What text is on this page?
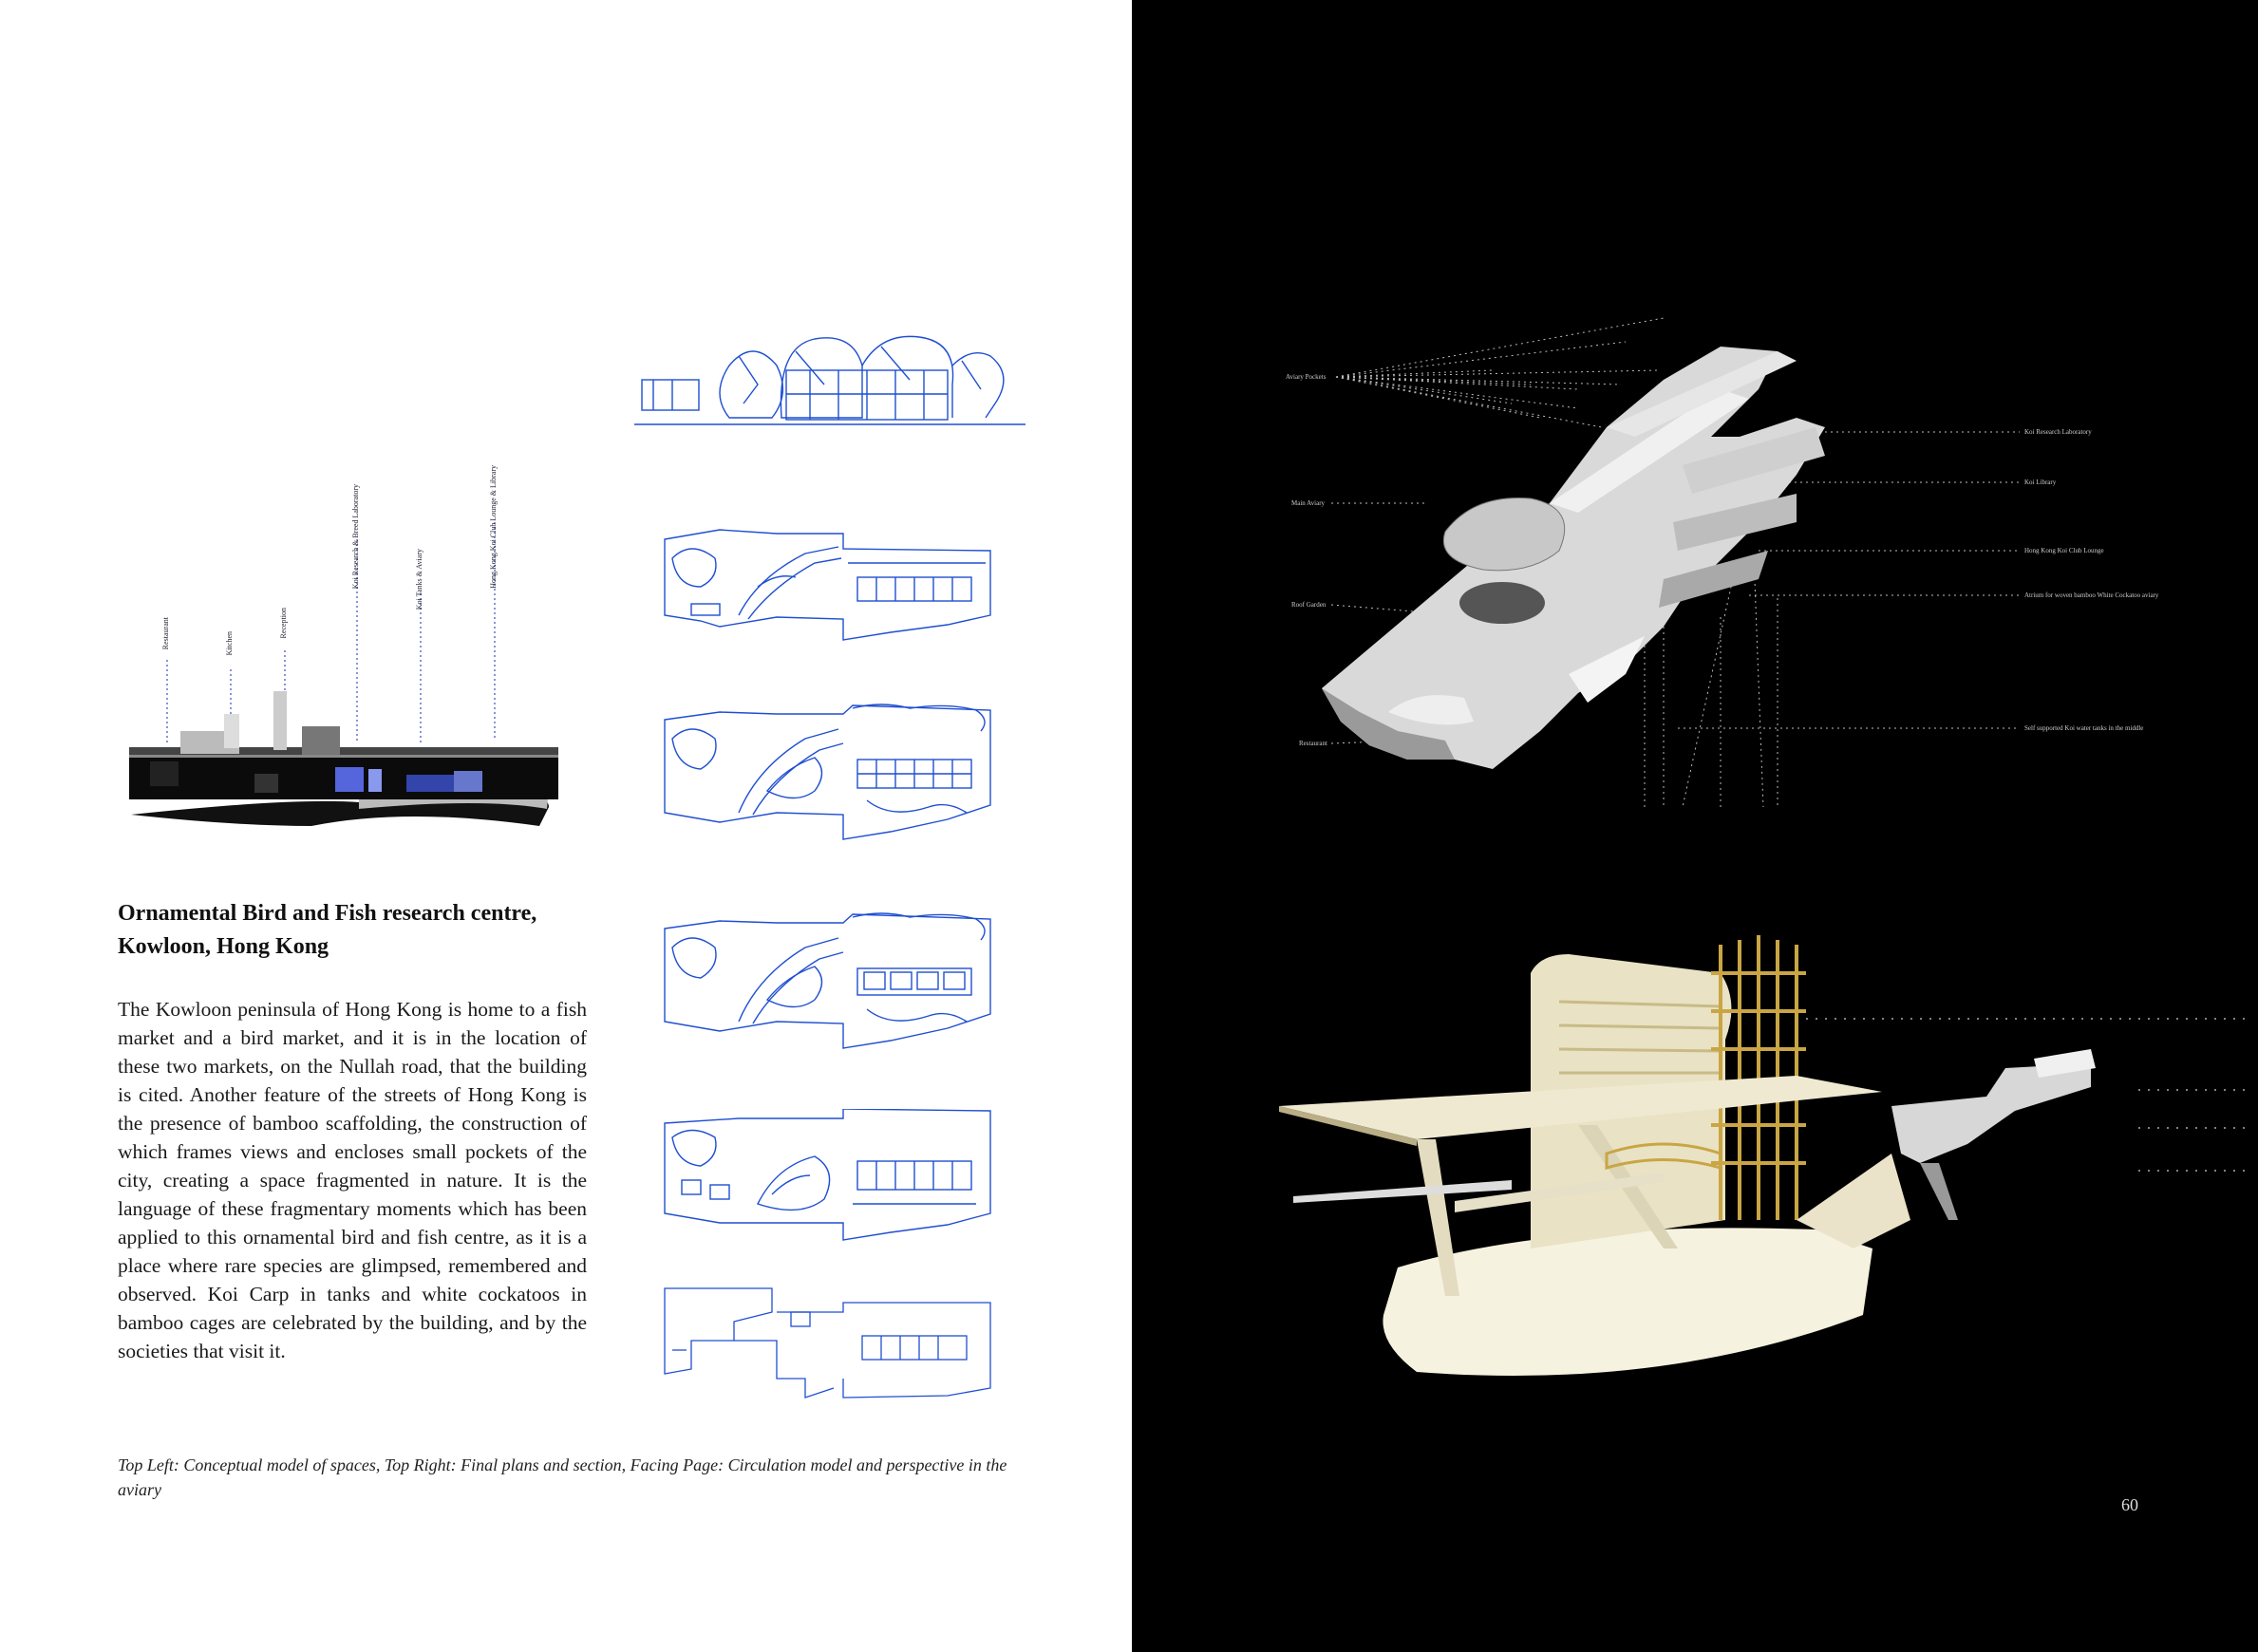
Restaurant	Kitchen
Reception
Koi Research & Breed Laboratory	Koi Tanks & Aviary	Hong Kong Koi Club Lounge & Library
Ornamental Bird and Fish research centre, Kowloon, Hong Kong

The Kowloon peninsula of Hong Kong is home to a fish market and a bird market, and it is in the location of these two markets, on the Nullah road, that the building is cited. Another feature of the streets of Hong Kong is the presence of bamboo scaffolding, the construction of which frames views and encloses small pockets of the city, creating a space fragmented in nature. It is the language of these fragmentary moments which has been applied to this ornamental bird and fish centre, as it is a place where rare species are glimpsed, remembered and observed. Koi Carp in tanks and white cockatoos in bamboo cages are celebrated by the building, and by the societies that visit it.

Top Left: Conceptual model of spaces, Top Right: Final plans and section, Facing Page: Circulation model and perspective in the aviary

Aviary Pockets
Main Aviary
Roof Garden
Restaurant
Koi Research Laboratory
Koi Library
Hong Kong Koi Club Lounge
Atrium for woven bamboo White Cockatoo aviary
Self supported Koi water tanks in the middle
60
